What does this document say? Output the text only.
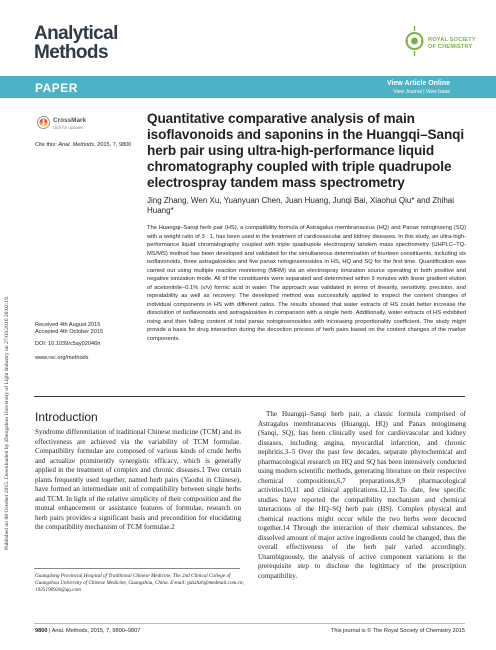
Published on 08 October 2015. Downloaded by Zhengzhou University of Light Industry on 27/03/2016 20:02:19.
Analytical
Methods
ROYAL SOCIETY
OF CHEMISTRY
PAPER	View Article Online
View Journal | View Issue
CrossMark
click for updates
Cite this: Anal. Methods, 2015, 7, 9800
Quantitative comparative analysis of main isoflavonoids and saponins in the Huangqi–Sanqi herb pair using ultra-high-performance liquid chromatography coupled with triple quadrupole electrospray tandem mass spectrometry
Jing Zhang, Wen Xu, Yuanyuan Chen, Juan Huang, Junqi Bai, Xiaohui Qiu* and Zhihai Huang*
The Huangqi–Sanqi herb pair (HS), a compatibility formula of Astragalus membranaceus (HQ) and Panax notoginseng (SQ) with a weight ratio of 3 : 1, has been used in the treatment of cardiovascular and kidney diseases. In this study, an ultra-high-performance liquid chromatography coupled with triple quadrupole electrospray tandem mass spectrometry (UHPLC–TQ-MS/MS) method has been developed and validated for the simultaneous determination of fourteen constituents, including six isoflavonoids, three astragalosides and five panax notoginsenosides in HS, HQ and SQ for the first time. Quantification was carried out using multiple reaction monitoring (MRM) via an electrospray ionization source operating in both positive and negative ionization mode. All of the constituents were separated and determined within 9 minutes with linear gradient elution of acetonitrile–0.1% (v/v) formic acid in water. The approach was validated in terms of linearity, sensitivity, precision, and repeatability as well as recovery. The developed method was successfully applied to inspect the content changes of individual components in HS with different ratios. The results showed that water extracts of HS could better increase the dissolution of isoflavonoids and astragalosides in comparison with a single herb. Additionally, water extracts of HS exhibited rising and then falling content of total panax notoginsenosides with increasing proportionality coefficient. The study might provide a basis for drug interaction during the decoction process of herb pairs based on the content changes of the marker components.
Received 4th August 2015
Accepted 4th October 2015
DOI: 10.1039/c5ay02046h
www.rsc.org/methods
Introduction
Syndrome differentiation of traditional Chinese medicine (TCM) and its effectiveness are achieved via the variability of TCM formulae. Compatibility formulae are composed of various kinds of crude herbs and actualize prominently synergistic efficacy, which is generally applied in the treatment of complex and chronic diseases.1 Two certain plants frequently used together, named herb pairs (Yaodui in Chinese), have formed an intermediate unit of compatibility between single herbs and TCM. In light of the relative simplicity of their composition and the mutual enhancement or assistance features of formulae, research on herb pairs provides a significant basis and precondition for elucidating the compatibility mechanism of TCM formulae.2
The Huangqi–Sanqi herb pair, a classic formula comprised of Astragalus membranaceus (Huangqi, HQ) and Panax notoginseng (Sanqi, SQ), has been clinically used for cardiovascular and kidney diseases, including angina, myocardial infarction, and chronic nephritis.3–5 Over the past few decades, separate phytochemical and pharmacological research on HQ and SQ has been intensively conducted using modern scientific methods, generating literature on their respective chemical compositions,6,7 preparations,8,9 pharmacological activities10,11 and clinical applications.12,13 To date, few specific studies have reported the compatibility mechanism and chemical interactions of the HQ–SQ herb pair (HS). Complex physical and chemical reactions might occur while the two herbs were decocted together.14 Through the interaction of their chemical substances, the dissolved amount of major active ingredients could be changed, thus the overall effectiveness of the herb pair varied accordingly. Unambiguously, the analysis of active component variations is the prerequisite step to disclose the legitimacy of the prescription compatibility.
Guangdong Provincial Hospital of Traditional Chinese Medicine, The 2nd Clinical College of Guangzhou University of Chinese Medicine, Guangzhou, China. E-mail: gdszhzh@medmail.com.cn; 1925190926@qq.com
9800 | Anal. Methods, 2015, 7, 9800–9807	This journal is © The Royal Society of Chemistry 2015
